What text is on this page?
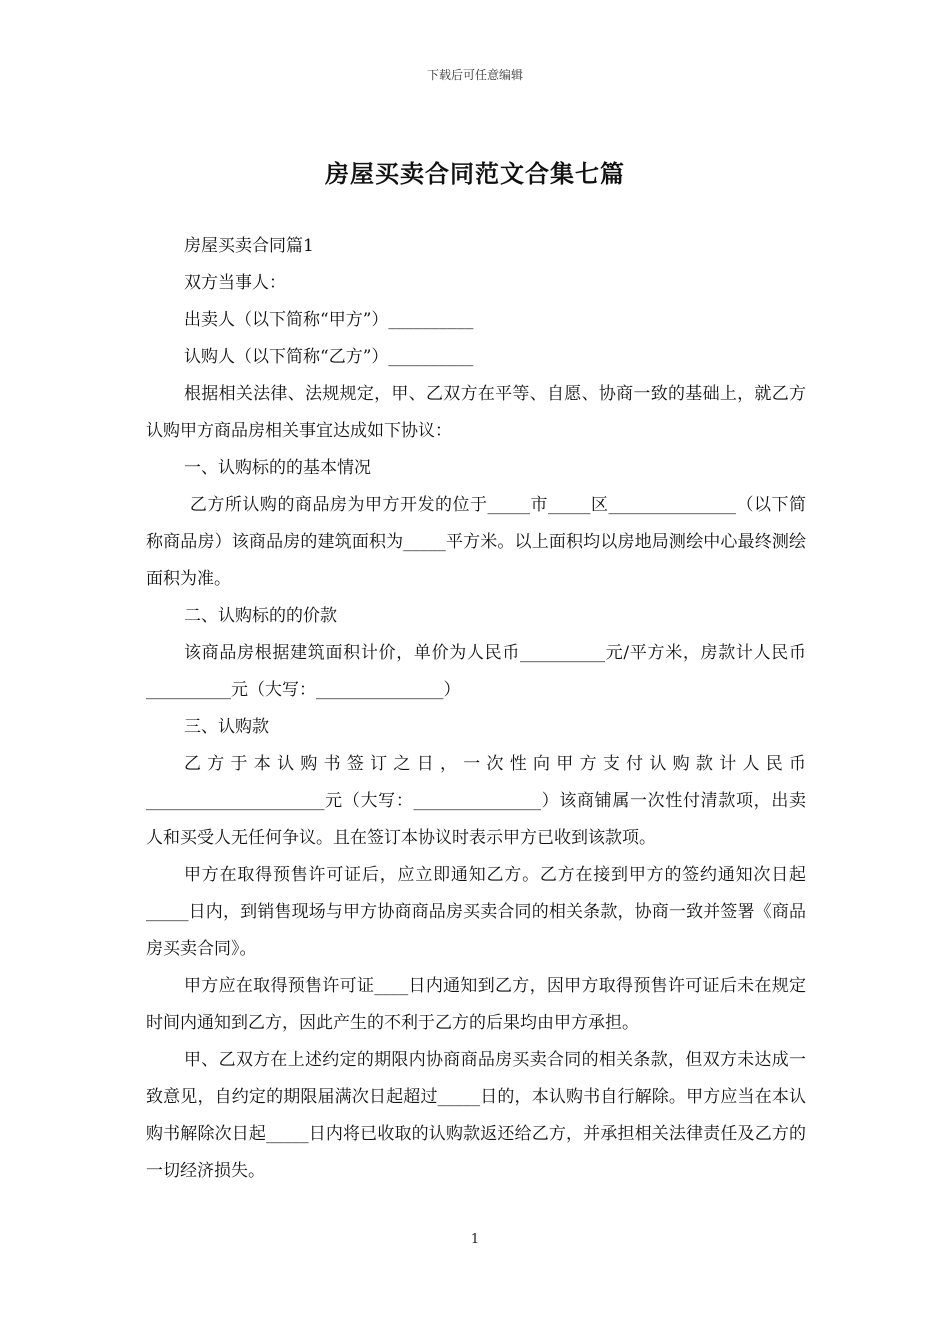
下载后可任意编辑
房屋买卖合同范文合集七篇

房屋买卖合同篇1

双方当事人：

出卖人（以下简称“甲方”）__________

认购人（以下简称“乙方”）__________

根据相关法律、法规规定，甲、乙双方在平等、自愿、协商一致的基础上，就乙方认购甲方商品房相关事宜达成如下协议：

一、认购标的的基本情况

乙方所认购的商品房为甲方开发的位于_____市_____区_______________（以下简称商品房）该商品房的建筑面积为_____平方米。以上面积均以房地局测绘中心最终测绘面积为准。

二、认购标的的价款

该商品房根据建筑面积计价，单价为人民币__________元/平方米，房款计人民币__________元（大写：_______________）

三、认购款

乙方于本认购书签订之日，一次性向甲方支付认购款计人民币_____________________元（大写：_______________）该商铺属一次性付清款项，出卖人和买受人无任何争议。且在签订本协议时表示甲方已收到该款项。

甲方在取得预售许可证后，应立即通知乙方。乙方在接到甲方的签约通知次日起_____日内，到销售现场与甲方协商商品房买卖合同的相关条款，协商一致并签署《商品房买卖合同》。

甲方应在取得预售许可证____日内通知到乙方，因甲方取得预售许可证后未在规定时间内通知到乙方，因此产生的不利于乙方的后果均由甲方承担。

甲、乙双方在上述约定的期限内协商商品房买卖合同的相关条款，但双方未达成一致意见，自约定的期限届满次日起超过_____日的，本认购书自行解除。甲方应当在本认购书解除次日起_____日内将已收取的认购款返还给乙方，并承担相关法律责任及乙方的一切经济损失。

1
